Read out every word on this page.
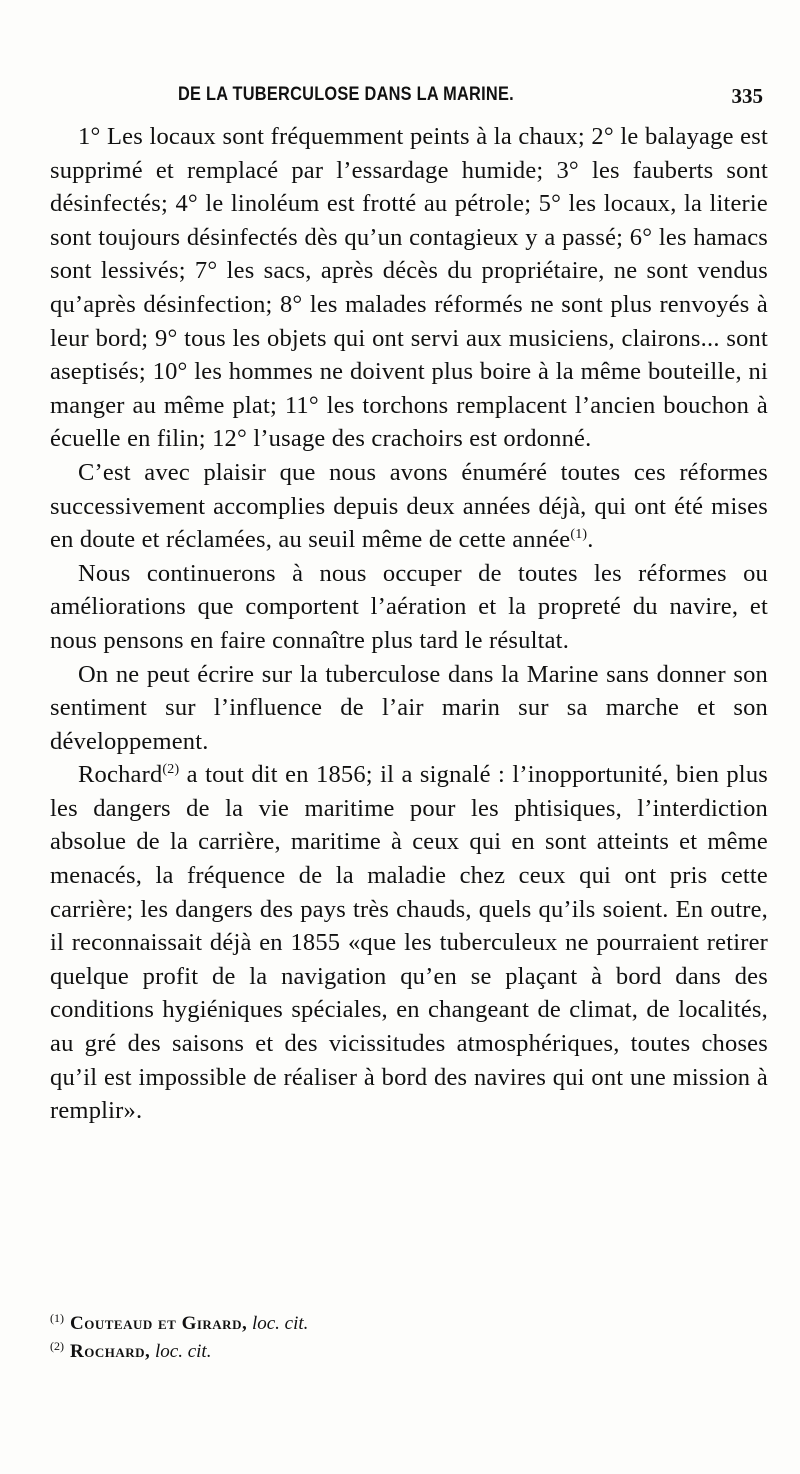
DE LA TUBERCULOSE DANS LA MARINE.	335

1° Les locaux sont fréquemment peints à la chaux; 2° le balayage est supprimé et remplacé par l’essardage humide; 3° les fauberts sont désinfectés; 4° le linoléum est frotté au pétrole; 5° les locaux, la literie sont toujours désinfectés dès qu’un contagieux y a passé; 6° les hamacs sont lessivés; 7° les sacs, après décès du propriétaire, ne sont vendus qu’après désinfection; 8° les malades réformés ne sont plus renvoyés à leur bord; 9° tous les objets qui ont servi aux musiciens, clairons... sont aseptisés; 10° les hommes ne doivent plus boire à la même bouteille, ni manger au même plat; 11° les torchons remplacent l’ancien bouchon à écuelle en filin; 12° l’usage des crachoirs est ordonné.

C’est avec plaisir que nous avons énuméré toutes ces réformes successivement accomplies depuis deux années déjà, qui ont été mises en doute et réclamées, au seuil même de cette année$^{(1)}$.

Nous continuerons à nous occuper de toutes les réformes ou améliorations que comportent l’aération et la propreté du navire, et nous pensons en faire connaître plus tard le résultat.

On ne peut écrire sur la tuberculose dans la Marine sans donner son sentiment sur l’influence de l’air marin sur sa marche et son développement.

Rochard$^{(2)}$ a tout dit en 1856; il a signalé : l’inopportunité, bien plus les dangers de la vie maritime pour les phtisiques, l’interdiction absolue de la carrière, maritime à ceux qui en sont atteints et même menacés, la fréquence de la maladie chez ceux qui ont pris cette carrière; les dangers des pays très chauds, quels qu’ils soient. En outre, il reconnaissait déjà en 1855 «que les tuberculeux ne pourraient retirer quelque profit de la navigation qu’en se plaçant à bord dans des conditions hygiéniques spéciales, en changeant de climat, de localités, au gré des saisons et des vicissitudes atmosphériques, toutes choses qu’il est impossible de réaliser à bord des navires qui ont une mission à remplir».

$^{(1)}$ Couteaud et Girard, loc. cit.

$^{(2)}$ Rochard, loc. cit.
